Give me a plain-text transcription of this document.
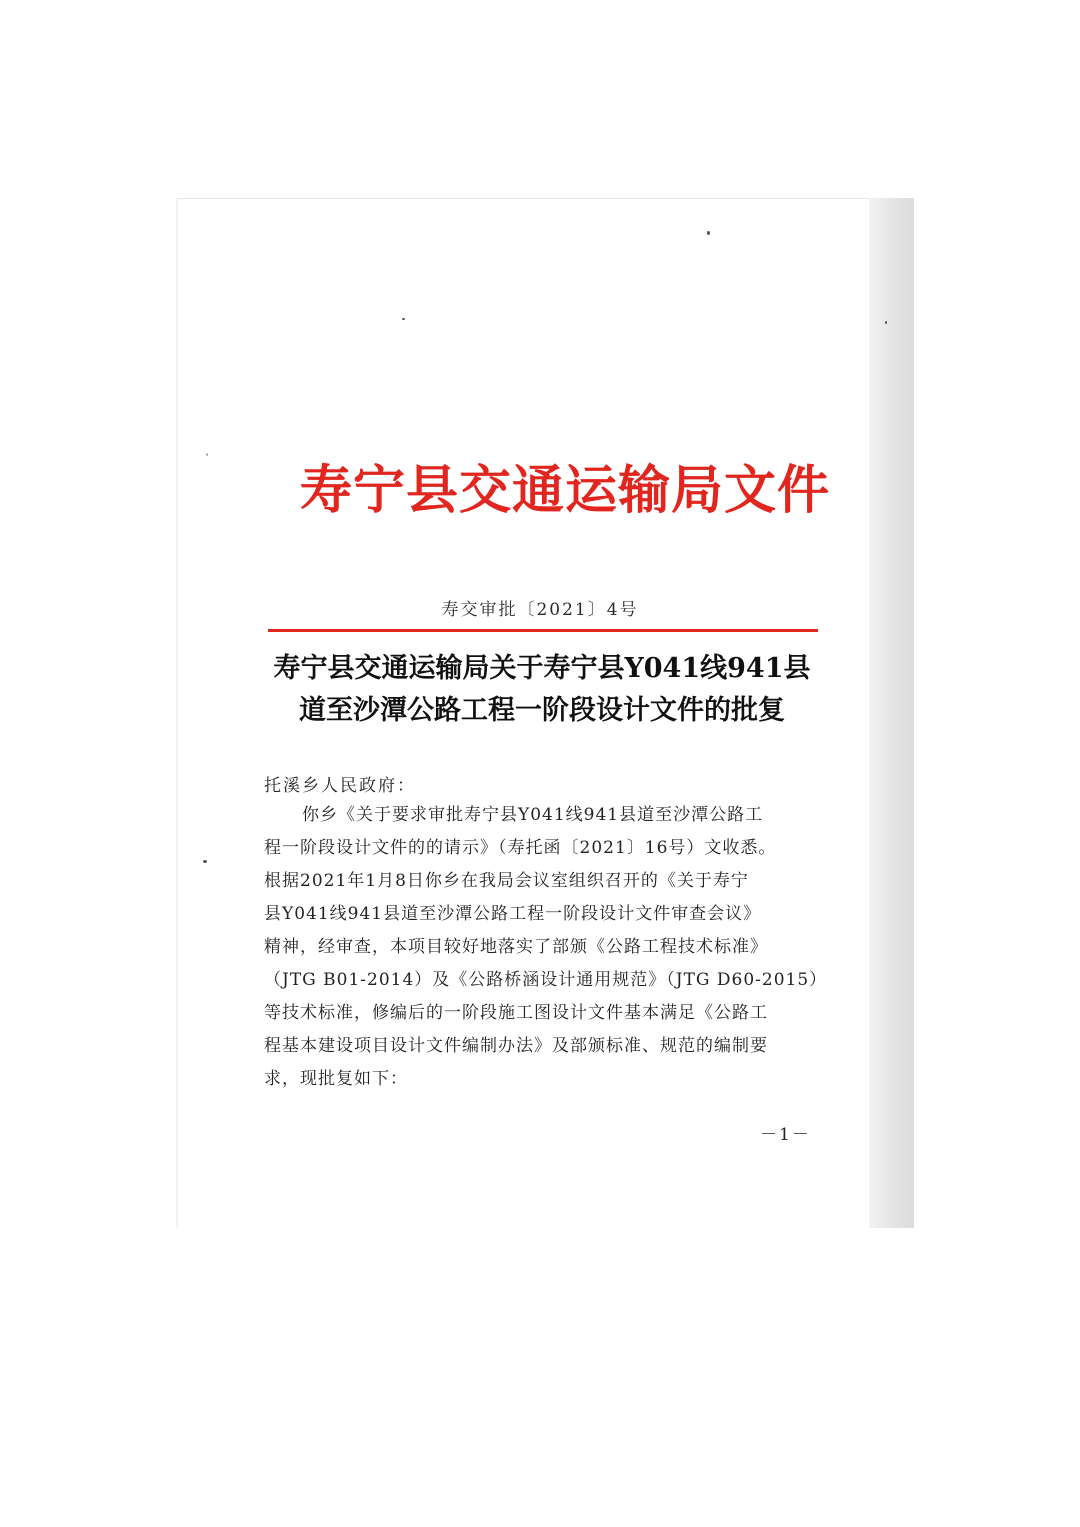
寿宁县交通运输局文件
寿交审批〔2021〕4号
寿宁县交通运输局关于寿宁县Y041线941县
道至沙潭公路工程一阶段设计文件的批复
托溪乡人民政府：
你乡《关于要求审批寿宁县Y041线941县道至沙潭公路工
程一阶段设计文件的的请示》（寿托函〔2021〕16号）文收悉。
根据2021年1月8日你乡在我局会议室组织召开的《关于寿宁
县Y041线941县道至沙潭公路工程一阶段设计文件审查会议》
精神，经审查，本项目较好地落实了部颁《公路工程技术标准》
（JTG B01-2014）及《公路桥涵设计通用规范》（JTG D60-2015）
等技术标准，修编后的一阶段施工图设计文件基本满足《公路工
程基本建设项目设计文件编制办法》及部颁标准、规范的编制要
求，现批复如下：
－1－
